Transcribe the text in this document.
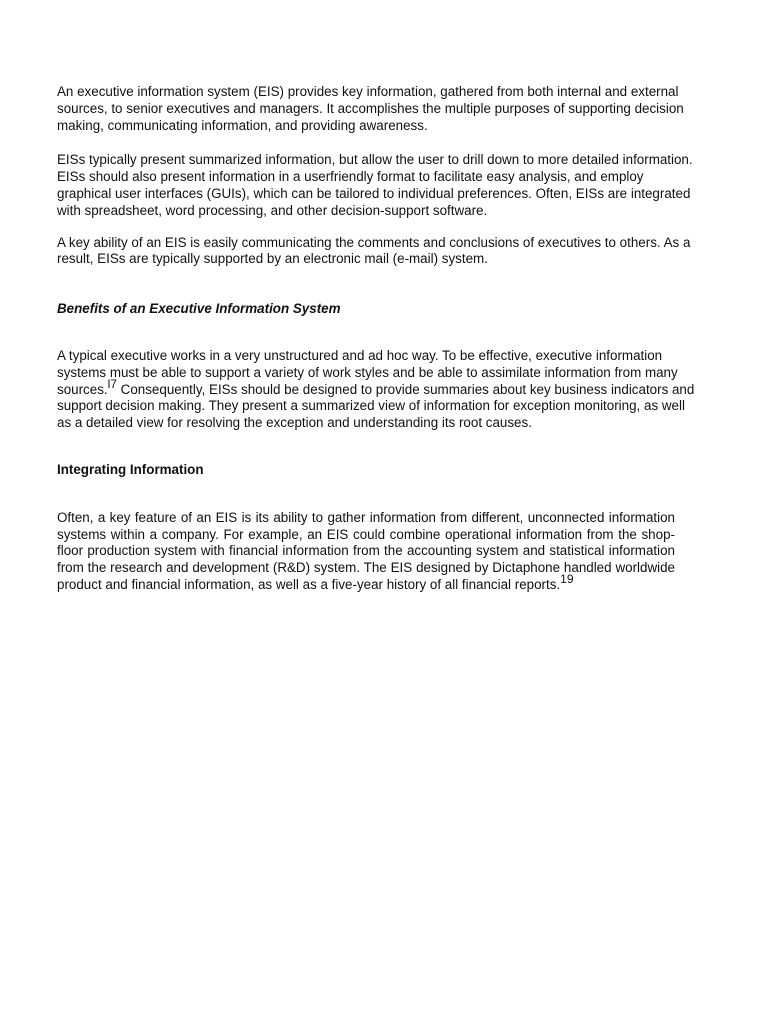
An executive information system (EIS) provides key information, gathered from both internal and external sources, to senior executives and managers. It accomplishes the multiple purposes of supporting decision making, communicating information, and providing awareness.

EISs typically present summarized information, but allow the user to drill down to more detailed information. EISs should also present information in a userfriendly format to facilitate easy analysis, and employ graphical user interfaces (GUIs), which can be tailored to individual preferences. Often, EISs are integrated with spreadsheet, word processing, and other decision-support software.

A key ability of an EIS is easily communicating the comments and conclusions of executives to others. As a result, EISs are typically supported by an electronic mail (e-mail) system.

Benefits of an Executive Information System

A typical executive works in a very unstructured and ad hoc way. To be effective, executive information systems must be able to support a variety of work styles and be able to assimilate information from many sources.$^{l7}$ Consequently, EISs should be designed to provide summaries about key business indicators and support decision making. They present a summarized view of information for exception monitoring, as well as a detailed view for resolving the exception and understanding its root causes.

Integrating Information

Often, a key feature of an EIS is its ability to gather information from different, unconnected information systems within a company. For example, an EIS could combine operational information from the shop-floor production system with financial information from the accounting system and statistical information from the research and development (R&D) system. The EIS designed by Dictaphone handled worldwide product and financial information, as well as a five-year history of all financial reports.$^{19}$
